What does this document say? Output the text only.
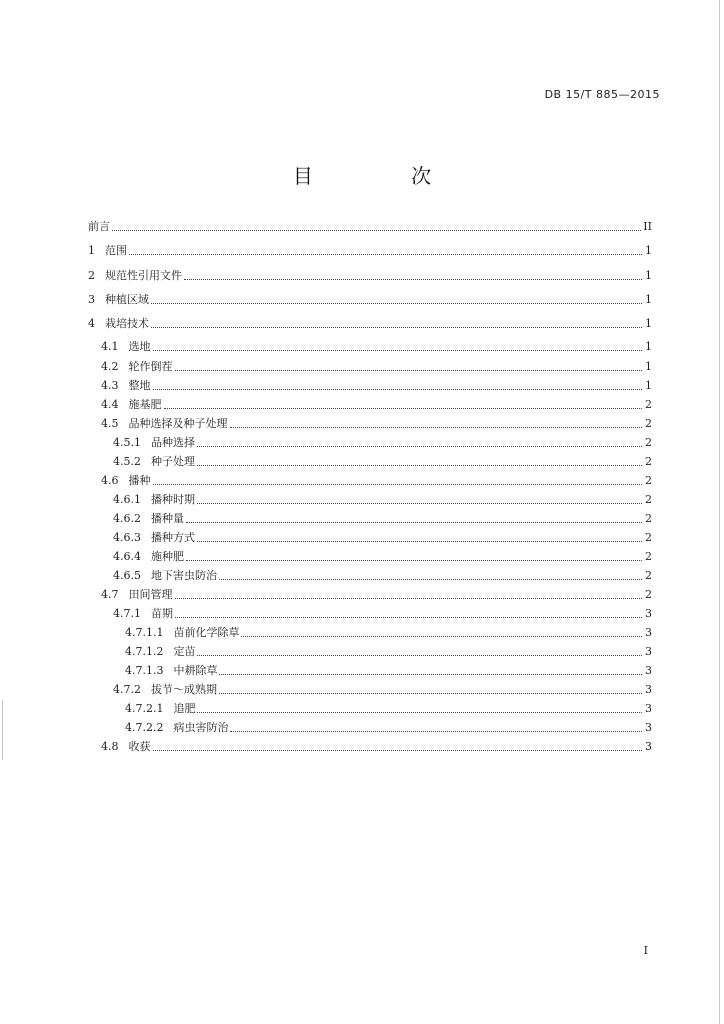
DB 15/T 885—2015
目 次
前言	II
1 范围	1
2 规范性引用文件	1
3 种植区域	1
4 栽培技术	1
4.1 选地	1
4.2 轮作倒茬	1
4.3 整地	1
4.4 施基肥	2
4.5 品种选择及种子处理	2
4.5.1 品种选择	2
4.5.2 种子处理	2
4.6 播种	2
4.6.1 播种时期	2
4.6.2 播种量	2
4.6.3 播种方式	2
4.6.4 施种肥	2
4.6.5 地下害虫防治	2
4.7 田间管理	2
4.7.1 苗期	3
4.7.1.1 苗前化学除草	3
4.7.1.2 定苗	3
4.7.1.3 中耕除草	3
4.7.2 拔节～成熟期	3
4.7.2.1 追肥	3
4.7.2.2 病虫害防治	3
4.8 收获	3
I
